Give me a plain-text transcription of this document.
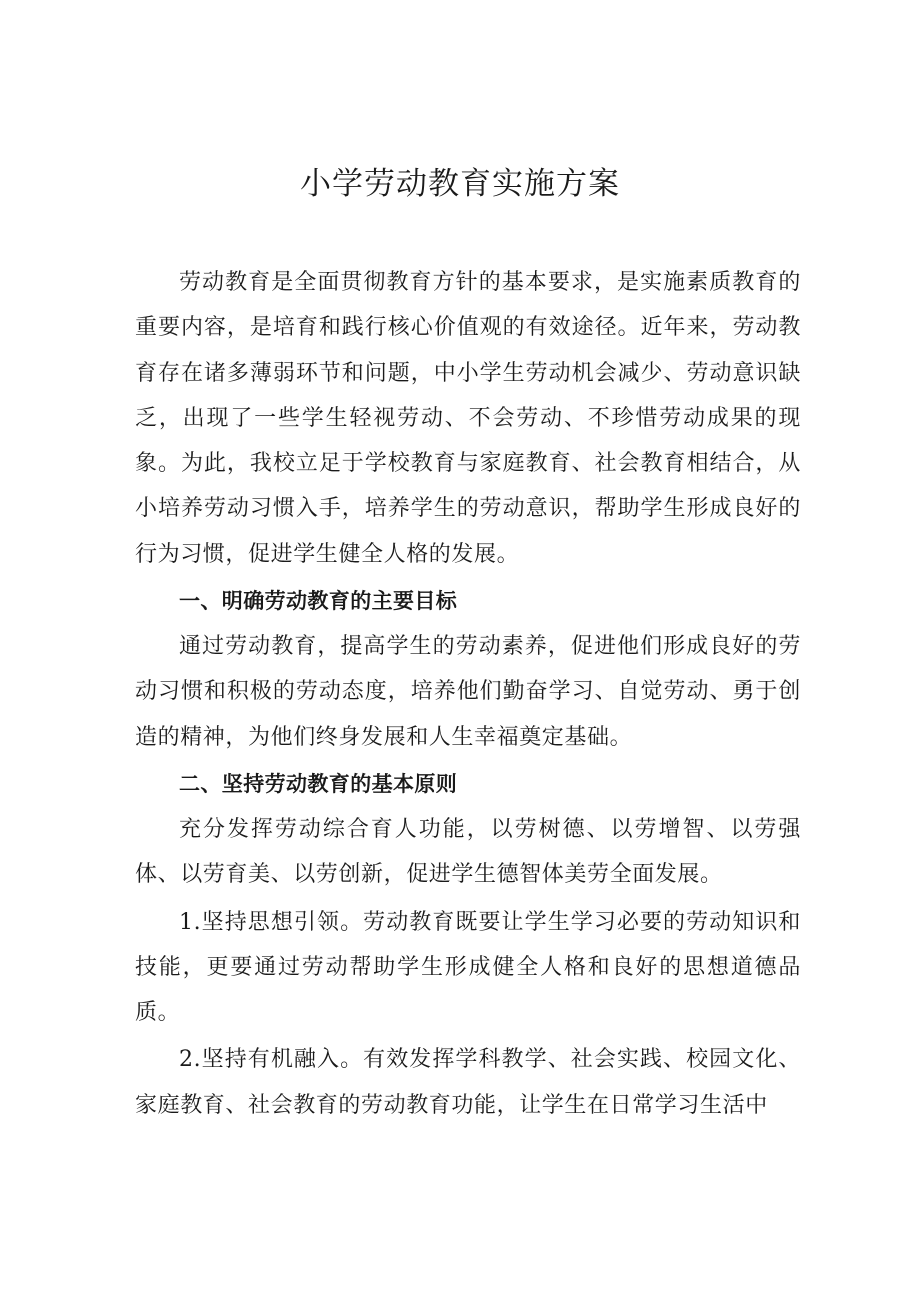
小学劳动教育实施方案

劳动教育是全面贯彻教育方针的基本要求，是实施素质教育的重要内容，是培育和践行核心价值观的有效途径。近年来，劳动教育存在诸多薄弱环节和问题，中小学生劳动机会减少、劳动意识缺乏，出现了一些学生轻视劳动、不会劳动、不珍惜劳动成果的现象。为此，我校立足于学校教育与家庭教育、社会教育相结合，从小培养劳动习惯入手，培养学生的劳动意识，帮助学生形成良好的行为习惯，促进学生健全人格的发展。

一、明确劳动教育的主要目标

通过劳动教育，提高学生的劳动素养，促进他们形成良好的劳动习惯和积极的劳动态度，培养他们勤奋学习、自觉劳动、勇于创造的精神，为他们终身发展和人生幸福奠定基础。

二、坚持劳动教育的基本原则

充分发挥劳动综合育人功能，以劳树德、以劳增智、以劳强体、以劳育美、以劳创新，促进学生德智体美劳全面发展。

1.坚持思想引领。劳动教育既要让学生学习必要的劳动知识和技能，更要通过劳动帮助学生形成健全人格和良好的思想道德品质。

2.坚持有机融入。有效发挥学科教学、社会实践、校园文化、家庭教育、社会教育的劳动教育功能，让学生在日常学习生活中
